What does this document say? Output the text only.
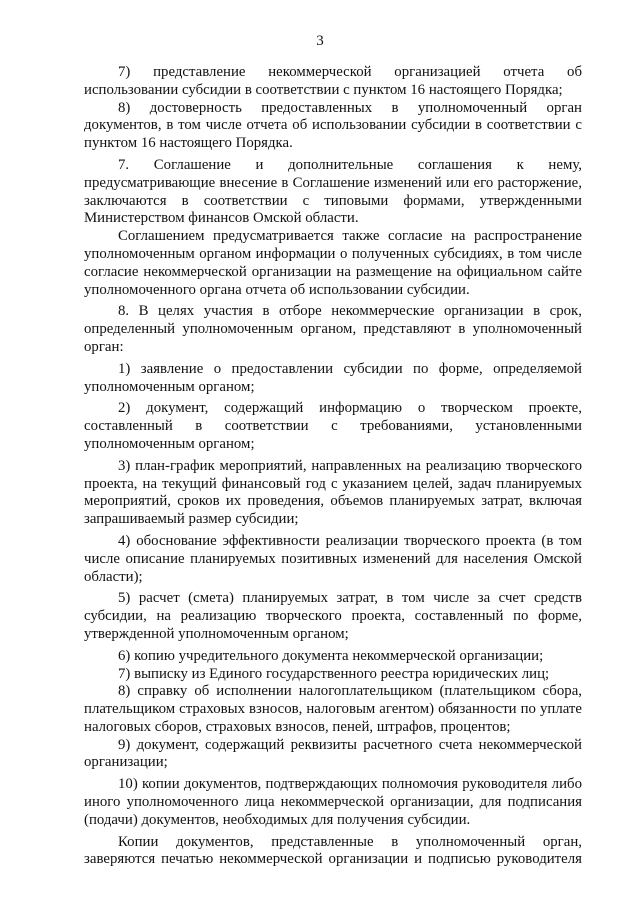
3

7) представление некоммерческой организацией отчета об использовании субсидии в соответствии с пунктом 16 настоящего Порядка;

8) достоверность предоставленных в уполномоченный орган документов, в том числе отчета об использовании субсидии в соответствии с пунктом 16 настоящего Порядка.

7. Соглашение и дополнительные соглашения к нему, предусматривающие внесение в Соглашение изменений или его расторжение, заключаются в соответствии с типовыми формами, утвержденными Министерством финансов Омской области.

Соглашением предусматривается также согласие на распространение уполномоченным органом информации о полученных субсидиях, в том числе согласие некоммерческой организации на размещение на официальном сайте уполномоченного органа отчета об использовании субсидии.

8. В целях участия в отборе некоммерческие организации в срок, определенный уполномоченным органом, представляют в уполномоченный орган:

1) заявление о предоставлении субсидии по форме, определяемой уполномоченным органом;

2) документ, содержащий информацию о творческом проекте, составленный в соответствии с требованиями, установленными уполномоченным органом;

3) план-график мероприятий, направленных на реализацию творческого проекта, на текущий финансовый год с указанием целей, задач планируемых мероприятий, сроков их проведения, объемов планируемых затрат, включая запрашиваемый размер субсидии;

4) обоснование эффективности реализации творческого проекта (в том числе описание планируемых позитивных изменений для населения Омской области);

5) расчет (смета) планируемых затрат, в том числе за счет средств субсидии, на реализацию творческого проекта, составленный по форме, утвержденной уполномоченным органом;

6) копию учредительного документа некоммерческой организации;

7) выписку из Единого государственного реестра юридических лиц;

8) справку об исполнении налогоплательщиком (плательщиком сбора, плательщиком страховых взносов, налоговым агентом) обязанности по уплате налоговых сборов, страховых взносов, пеней, штрафов, процентов;

9) документ, содержащий реквизиты расчетного счета некоммерческой организации;

10) копии документов, подтверждающих полномочия руководителя либо иного уполномоченного лица некоммерческой организации, для подписания (подачи) документов, необходимых для получения субсидии.

Копии документов, представленные в уполномоченный орган, заверяются печатью некоммерческой организации и подписью руководителя
